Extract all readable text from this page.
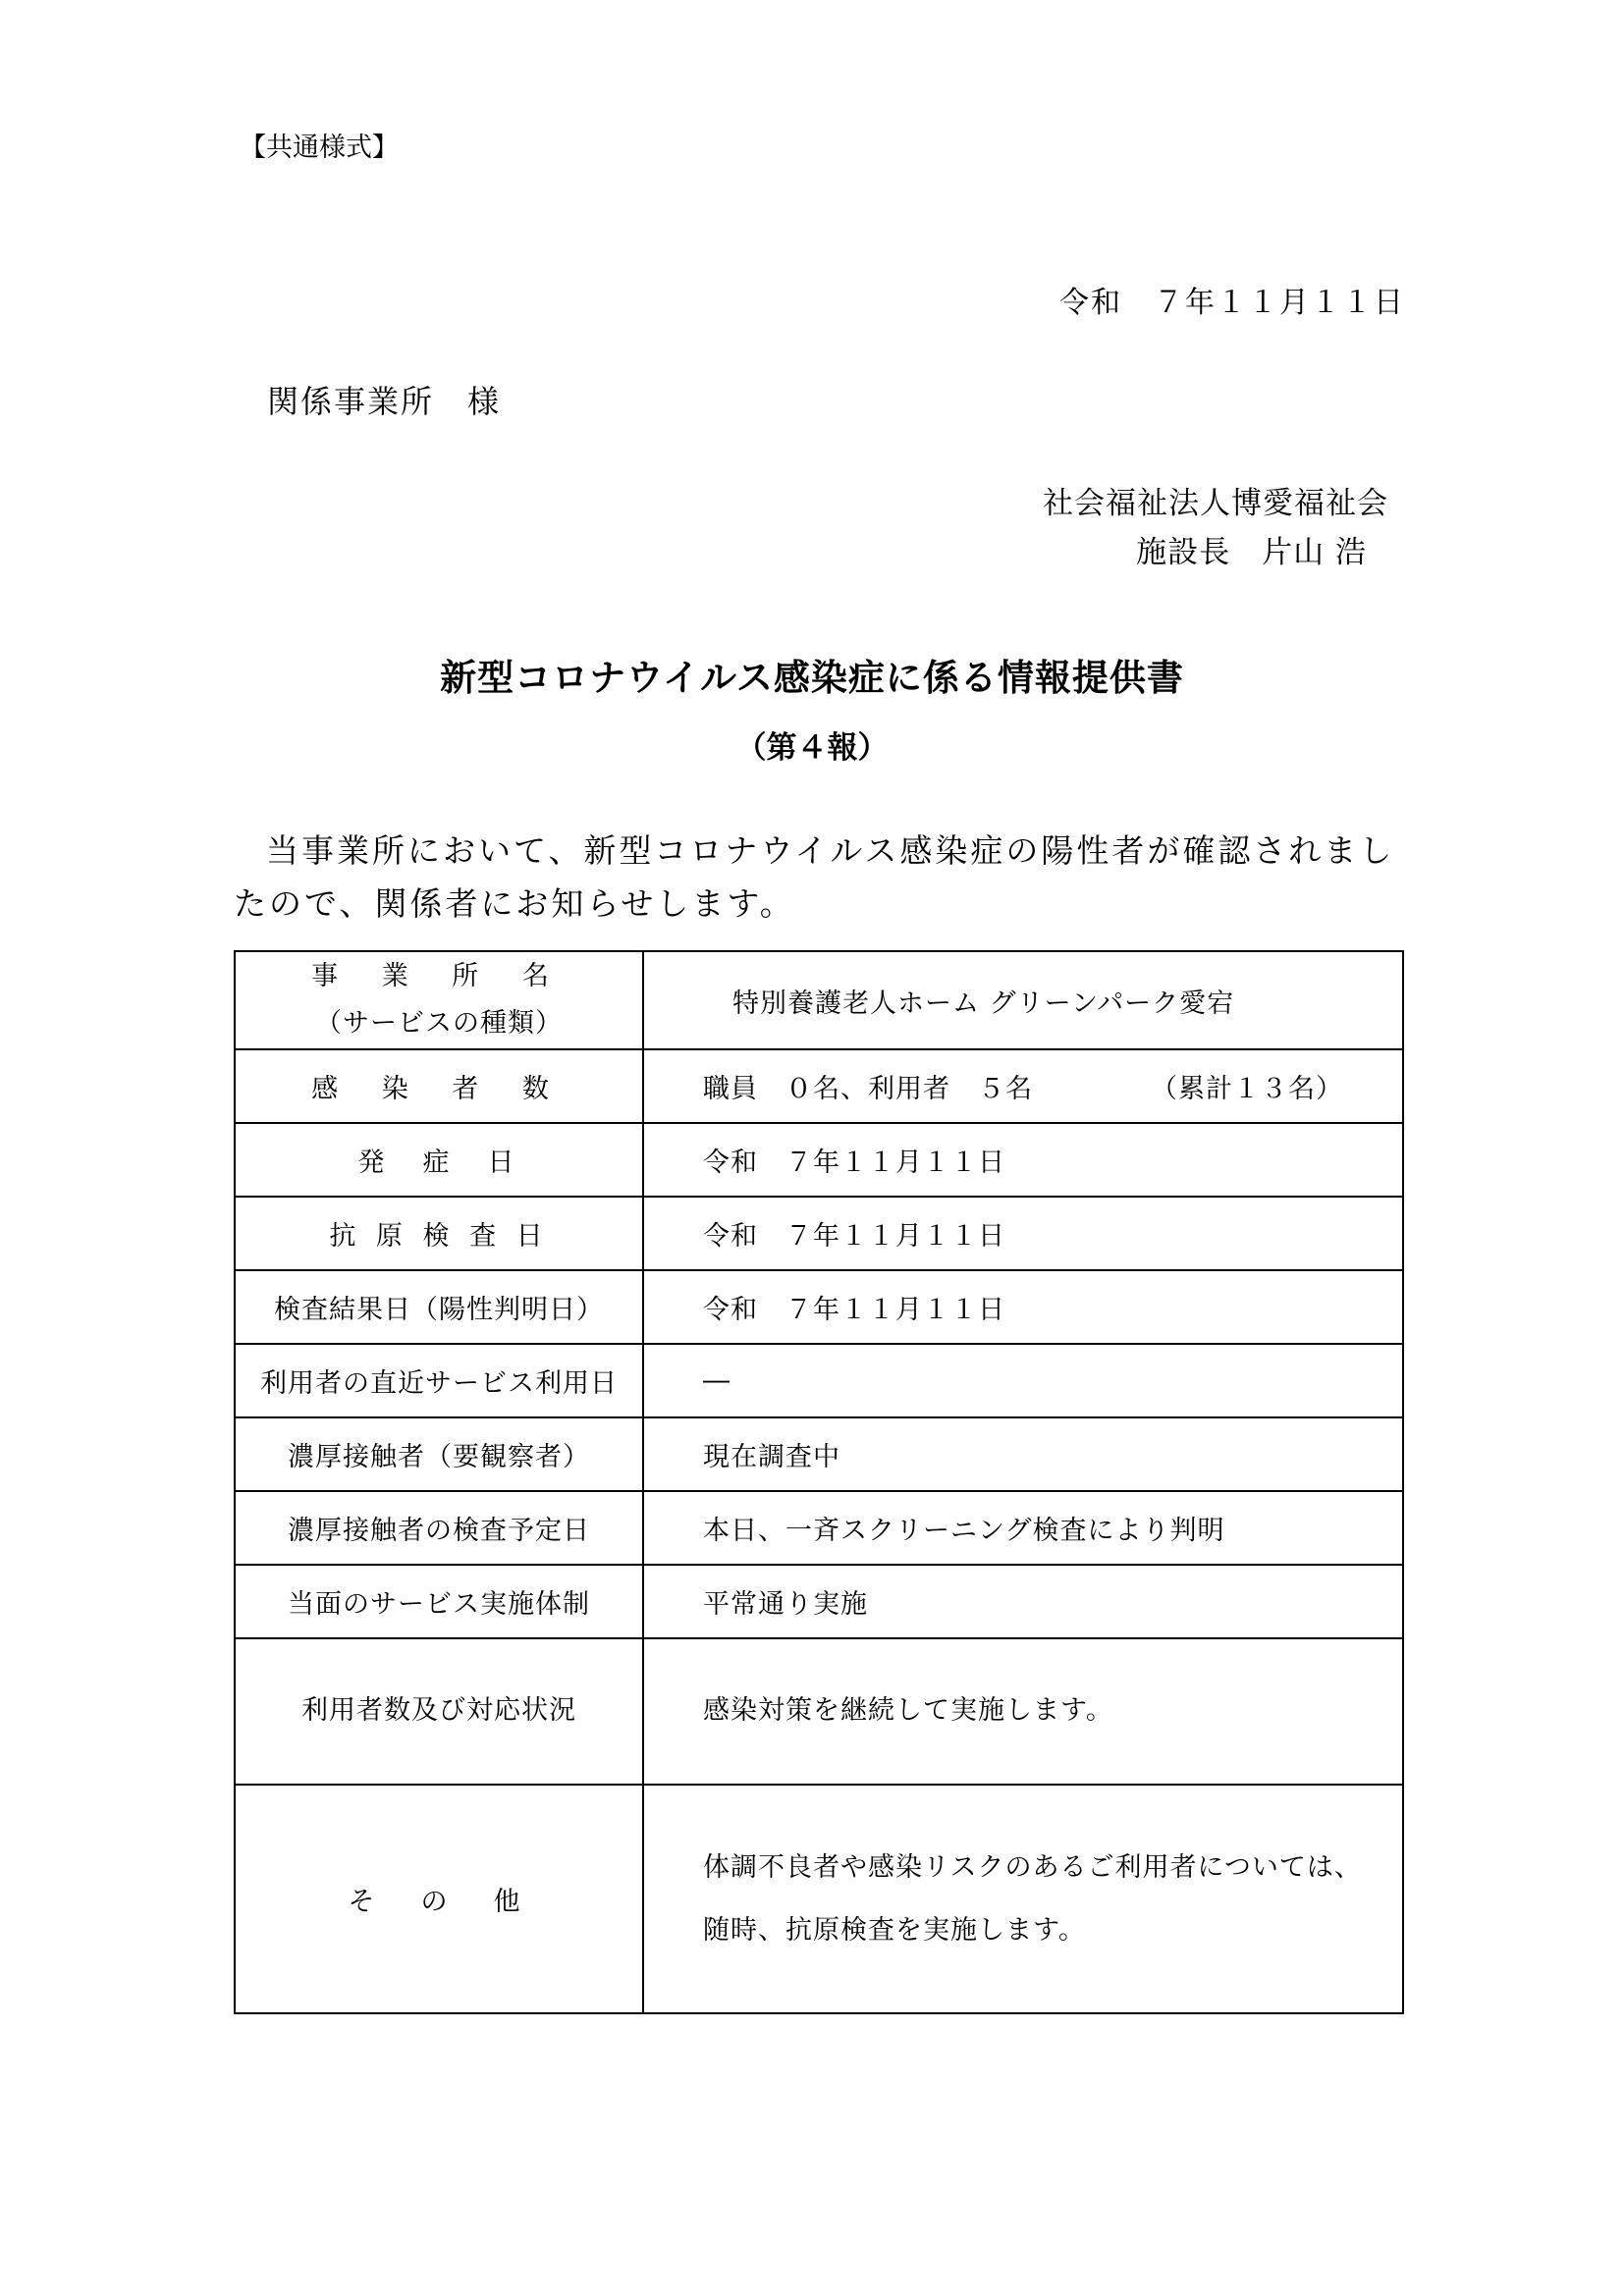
【共通様式】
令和　７年１１月１１日
関係事業所　様
社会福祉法人博愛福祉会
施設長　片山 浩
新型コロナウイルス感染症に係る情報提供書
（第４報）
当事業所において、新型コロナウイルス感染症の陽性者が確認されましたので、関係者にお知らせします。
事 業 所 名
（サービスの種類）	特別養護老人ホーム グリーンパーク愛宕
感 染 者 数	職員　０名、利用者　５名 （累計１３名）
発　症　日	令和　７年１１月１１日
抗 原 検 査 日	令和　７年１１月１１日
検査結果日（陽性判明日）	令和　７年１１月１１日
利用者の直近サービス利用日	―
濃厚接触者（要観察者）	現在調査中
濃厚接触者の検査予定日	本日、一斉スクリーニング検査により判明
当面のサービス実施体制	平常通り実施
利用者数及び対応状況	感染対策を継続して実施します。
そ　の　他	体調不良者や感染リスクのあるご利用者については、
随時、抗原検査を実施します。
